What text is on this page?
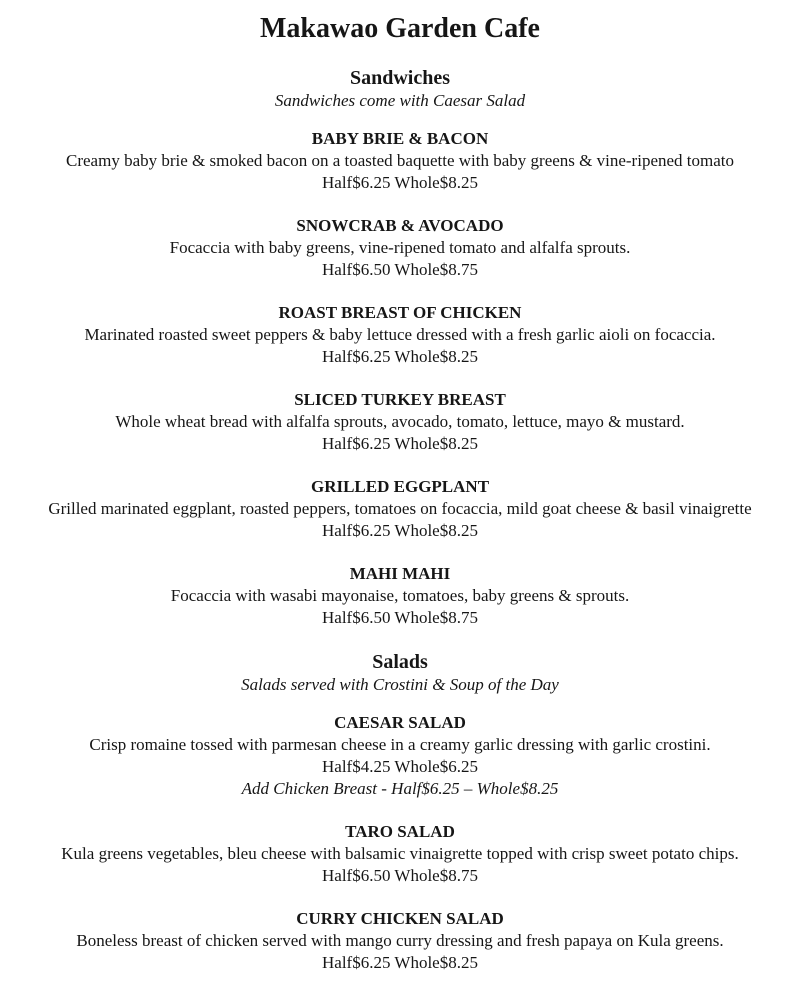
Makawao Garden Cafe
Sandwiches
Sandwiches come with Caesar Salad
BABY BRIE & BACON
Creamy baby brie & smoked bacon on a toasted baquette with baby greens & vine-ripened tomato
Half$6.25 Whole$8.25
SNOWCRAB & AVOCADO
Focaccia with baby greens, vine-ripened tomato and alfalfa sprouts.
Half$6.50 Whole$8.75
ROAST BREAST OF CHICKEN
Marinated roasted sweet peppers & baby lettuce dressed with a fresh garlic aioli on focaccia.
Half$6.25 Whole$8.25
SLICED TURKEY BREAST
Whole wheat bread with alfalfa sprouts, avocado, tomato, lettuce, mayo & mustard.
Half$6.25 Whole$8.25
GRILLED EGGPLANT
Grilled marinated eggplant, roasted peppers, tomatoes on focaccia, mild goat cheese & basil vinaigrette
Half$6.25 Whole$8.25
MAHI MAHI
Focaccia with wasabi mayonaise, tomatoes, baby greens & sprouts.
Half$6.50 Whole$8.75
Salads
Salads served with Crostini & Soup of the Day
CAESAR SALAD
Crisp romaine tossed with parmesan cheese in a creamy garlic dressing with garlic crostini.
Half$4.25 Whole$6.25
Add Chicken Breast - Half$6.25 – Whole$8.25
TARO SALAD
Kula greens vegetables, bleu cheese with balsamic vinaigrette topped with crisp sweet potato chips.
Half$6.50 Whole$8.75
CURRY CHICKEN SALAD
Boneless breast of chicken served with mango curry dressing and fresh papaya on Kula greens.
Half$6.25 Whole$8.25
